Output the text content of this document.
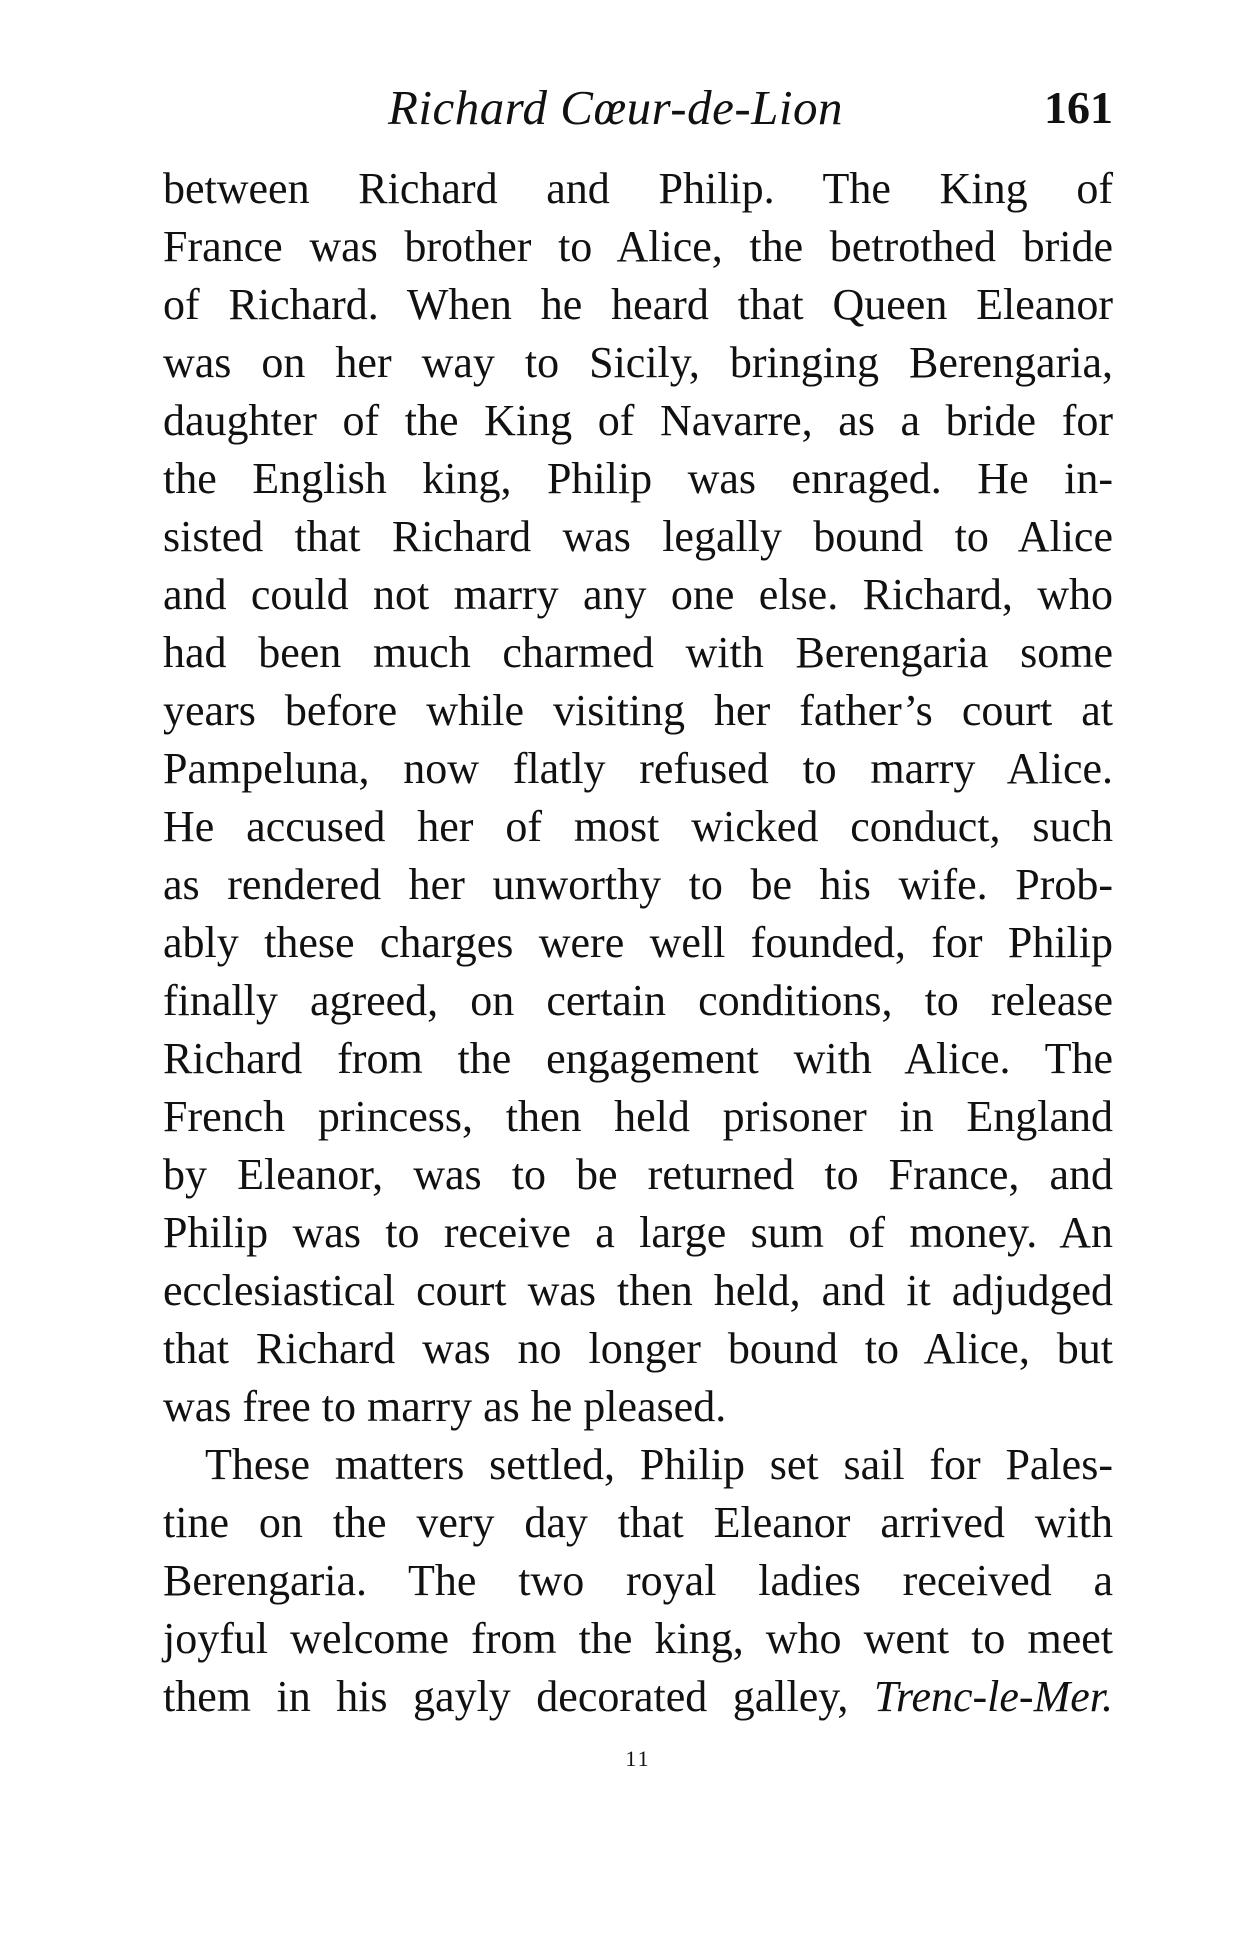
Richard Cœur-de-Lion	161
between Richard and Philip. The King of
France was brother to Alice, the betrothed bride
of Richard. When he heard that Queen Eleanor
was on her way to Sicily, bringing Berengaria,
daughter of the King of Navarre, as a bride for
the English king, Philip was enraged. He in-
sisted that Richard was legally bound to Alice
and could not marry any one else. Richard, who
had been much charmed with Berengaria some
years before while visiting her father’s court at
Pampeluna, now flatly refused to marry Alice.
He accused her of most wicked conduct, such
as rendered her unworthy to be his wife. Prob-
ably these charges were well founded, for Philip
finally agreed, on certain conditions, to release
Richard from the engagement with Alice. The
French princess, then held prisoner in England
by Eleanor, was to be returned to France, and
Philip was to receive a large sum of money. An
ecclesiastical court was then held, and it adjudged
that Richard was no longer bound to Alice, but
was free to marry as he pleased.
These matters settled, Philip set sail for Pales-
tine on the very day that Eleanor arrived with
Berengaria. The two royal ladies received a
joyful welcome from the king, who went to meet
them in his gayly decorated galley, Trenc-le-Mer.
11
